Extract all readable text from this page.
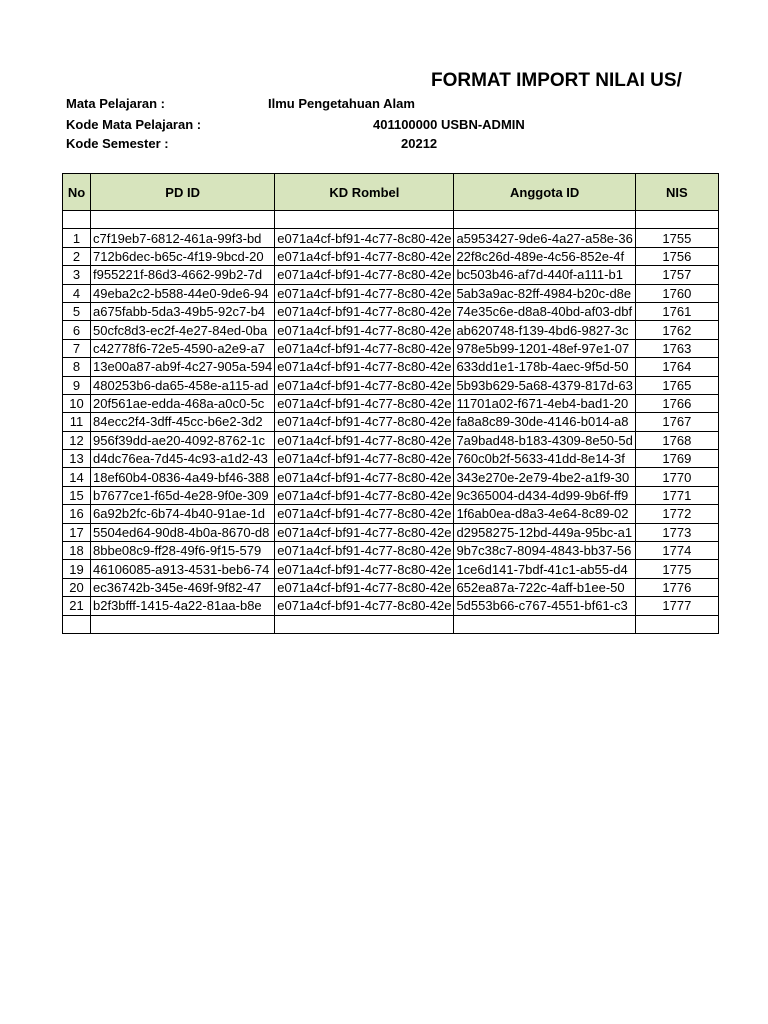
FORMAT IMPORT NILAI US/
Mata Pelajaran :	Ilmu Pengetahuan Alam
Kode Mata Pelajaran :	401100000 USBN-ADMIN
Kode Semester :	20212
No	PD ID	KD Rombel	Anggota ID	NIS

1	c7f19eb7-6812-461a-99f3-bd	e071a4cf-bf91-4c77-8c80-42e	a5953427-9de6-4a27-a58e-36	1755
2	712b6dec-b65c-4f19-9bcd-20	e071a4cf-bf91-4c77-8c80-42e	22f8c26d-489e-4c56-852e-4f	1756
3	f955221f-86d3-4662-99b2-7d	e071a4cf-bf91-4c77-8c80-42e	bc503b46-af7d-440f-a111-b1	1757
4	49eba2c2-b588-44e0-9de6-94	e071a4cf-bf91-4c77-8c80-42e	5ab3a9ac-82ff-4984-b20c-d8e	1760
5	a675fabb-5da3-49b5-92c7-b4	e071a4cf-bf91-4c77-8c80-42e	74e35c6e-d8a8-40bd-af03-dbf	1761
6	50cfc8d3-ec2f-4e27-84ed-0ba	e071a4cf-bf91-4c77-8c80-42e	ab620748-f139-4bd6-9827-3c	1762
7	c42778f6-72e5-4590-a2e9-a7	e071a4cf-bf91-4c77-8c80-42e	978e5b99-1201-48ef-97e1-07	1763
8	13e00a87-ab9f-4c27-905a-594	e071a4cf-bf91-4c77-8c80-42e	633dd1e1-178b-4aec-9f5d-50	1764
9	480253b6-da65-458e-a115-ad	e071a4cf-bf91-4c77-8c80-42e	5b93b629-5a68-4379-817d-63	1765
10	20f561ae-edda-468a-a0c0-5c	e071a4cf-bf91-4c77-8c80-42e	11701a02-f671-4eb4-bad1-20	1766
11	84ecc2f4-3dff-45cc-b6e2-3d2	e071a4cf-bf91-4c77-8c80-42e	fa8a8c89-30de-4146-b014-a8	1767
12	956f39dd-ae20-4092-8762-1c	e071a4cf-bf91-4c77-8c80-42e	7a9bad48-b183-4309-8e50-5d	1768
13	d4dc76ea-7d45-4c93-a1d2-43	e071a4cf-bf91-4c77-8c80-42e	760c0b2f-5633-41dd-8e14-3f	1769
14	18ef60b4-0836-4a49-bf46-388	e071a4cf-bf91-4c77-8c80-42e	343e270e-2e79-4be2-a1f9-30	1770
15	b7677ce1-f65d-4e28-9f0e-309	e071a4cf-bf91-4c77-8c80-42e	9c365004-d434-4d99-9b6f-ff9	1771
16	6a92b2fc-6b74-4b40-91ae-1d	e071a4cf-bf91-4c77-8c80-42e	1f6ab0ea-d8a3-4e64-8c89-02	1772
17	5504ed64-90d8-4b0a-8670-d8	e071a4cf-bf91-4c77-8c80-42e	d2958275-12bd-449a-95bc-a1	1773
18	8bbe08c9-ff28-49f6-9f15-579	e071a4cf-bf91-4c77-8c80-42e	9b7c38c7-8094-4843-bb37-56	1774
19	46106085-a913-4531-beb6-74	e071a4cf-bf91-4c77-8c80-42e	1ce6d141-7bdf-41c1-ab55-d4	1775
20	ec36742b-345e-469f-9f82-47	e071a4cf-bf91-4c77-8c80-42e	652ea87a-722c-4aff-b1ee-50	1776
21	b2f3bfff-1415-4a22-81aa-b8e	e071a4cf-bf91-4c77-8c80-42e	5d553b66-c767-4551-bf61-c3	1777
